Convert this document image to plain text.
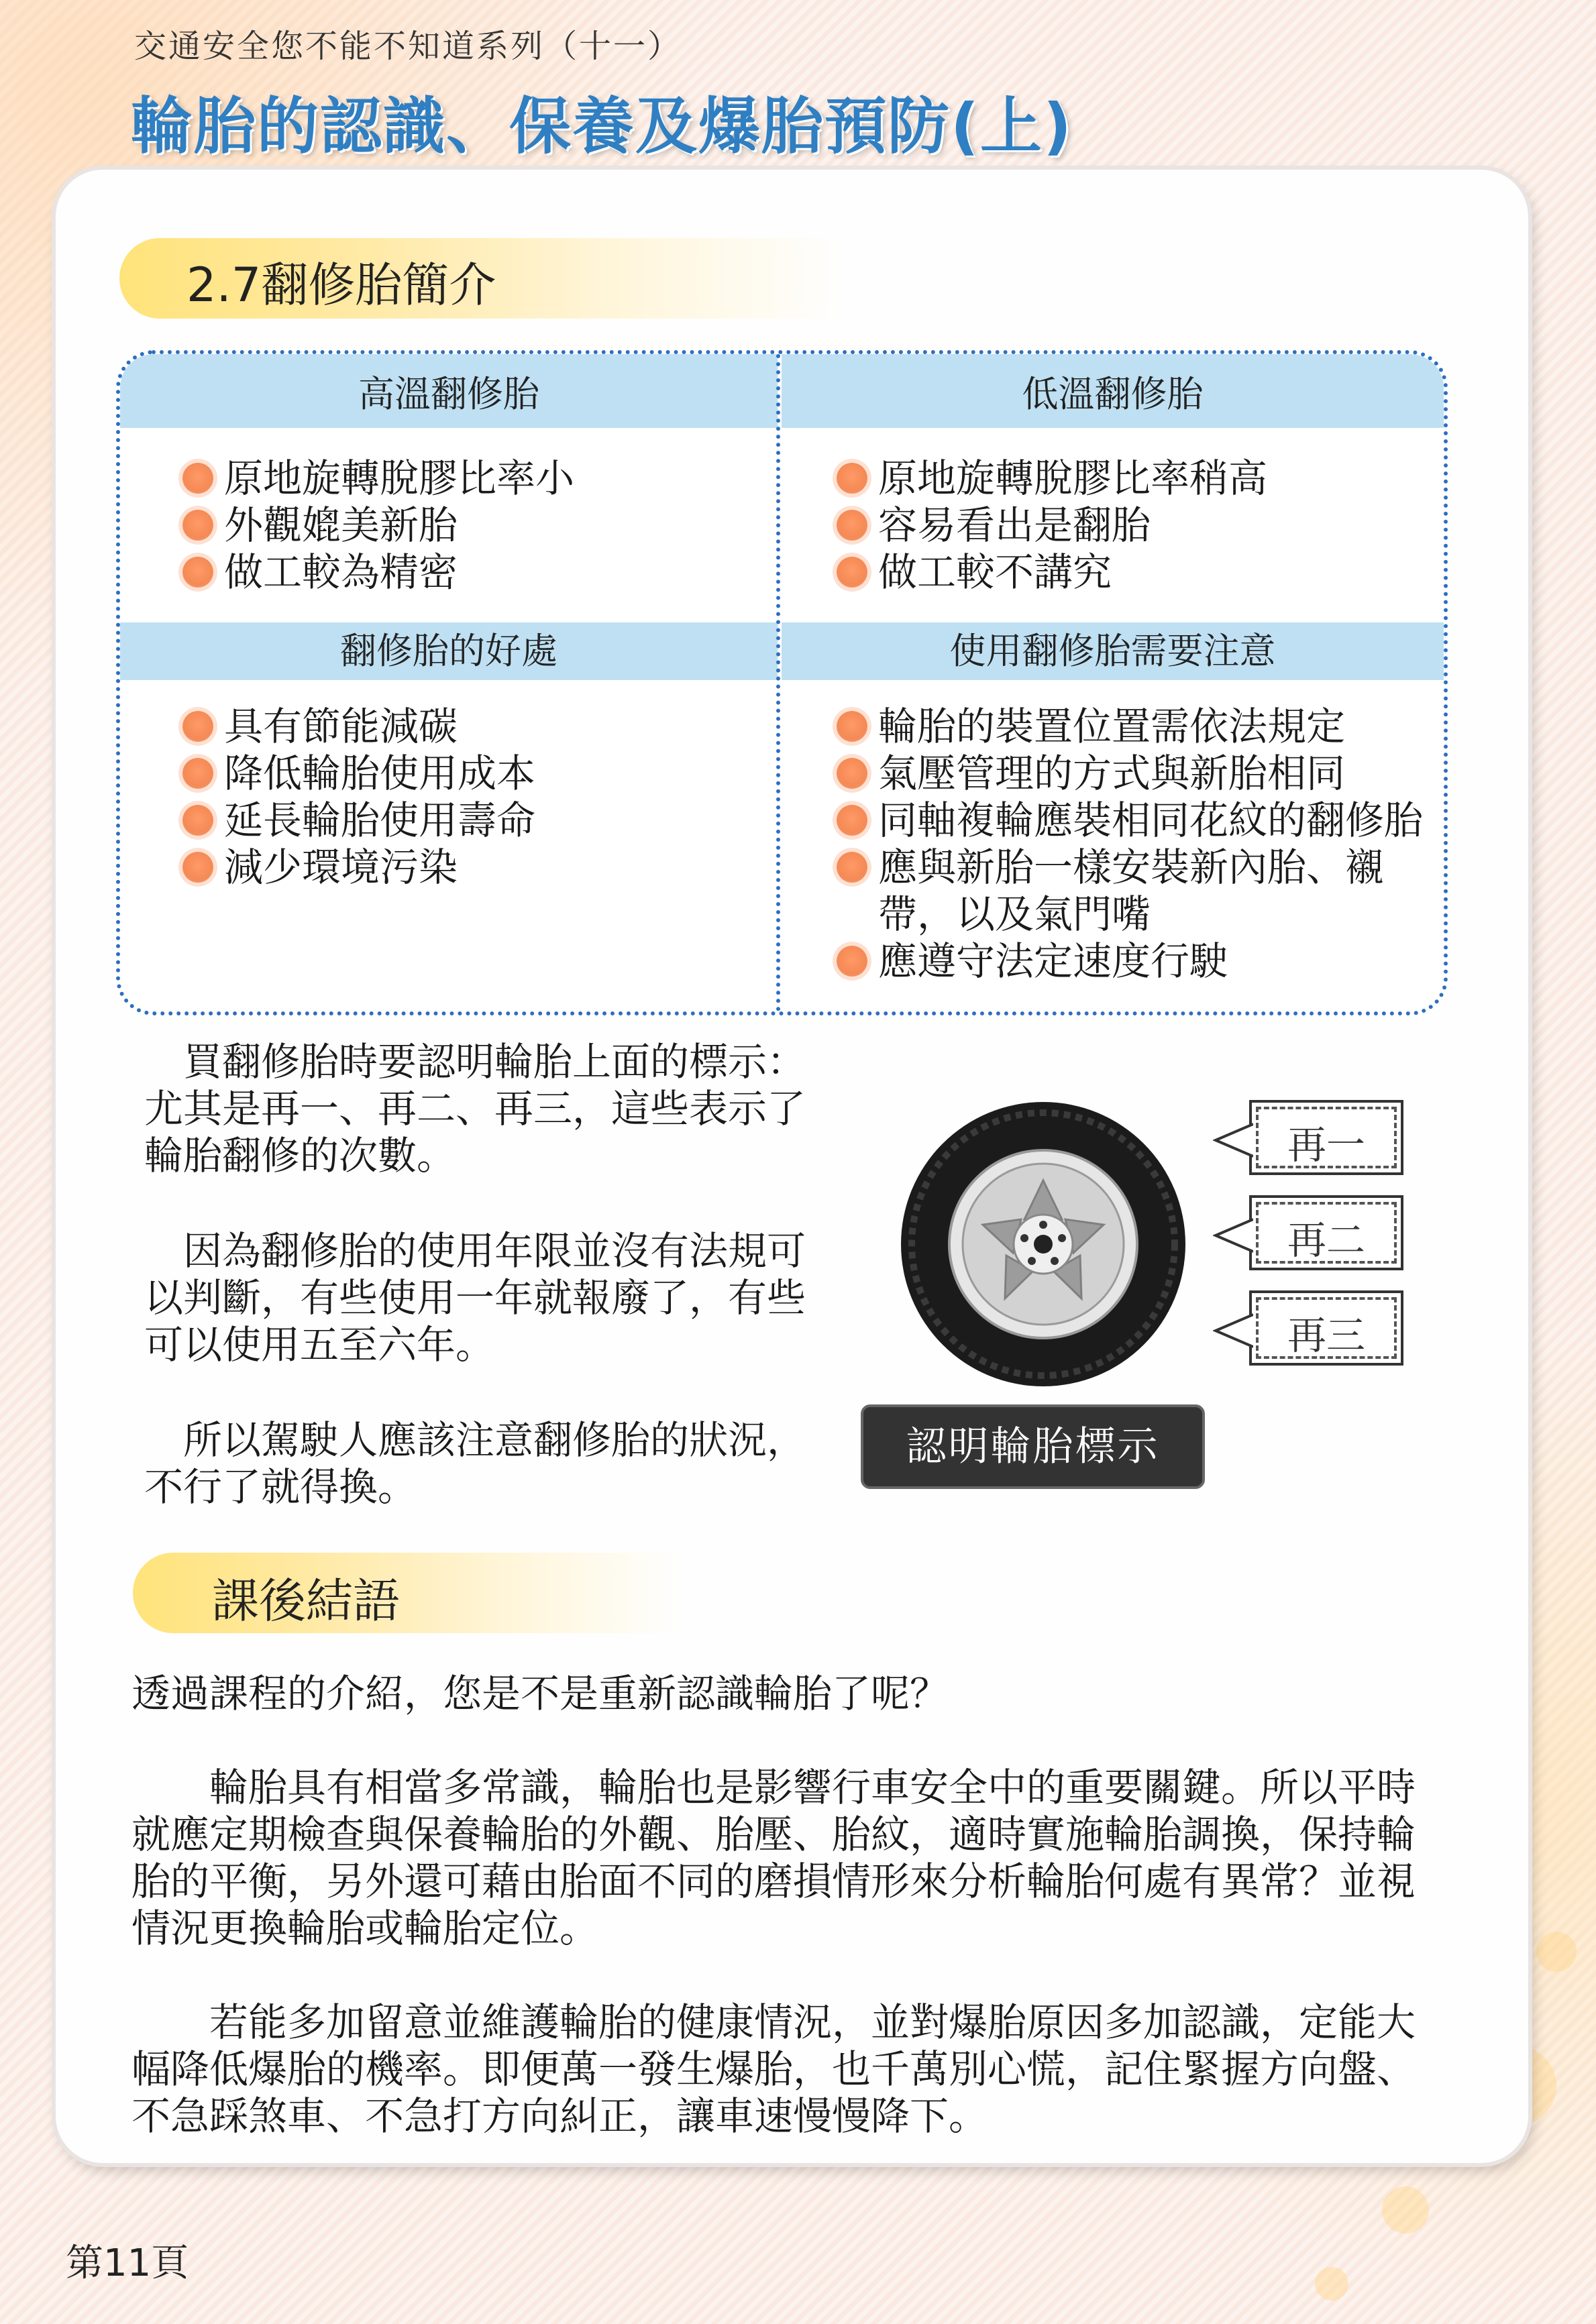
交通安全您不能不知道系列（十一）
輪胎的認識、保養及爆胎預防(上)
2.7翻修胎簡介
高溫翻修胎	低溫翻修胎
翻修胎的好處	使用翻修胎需要注意
原地旋轉脫膠比率小
外觀媲美新胎
做工較為精密
原地旋轉脫膠比率稍高
容易看出是翻胎
做工較不講究
具有節能減碳
降低輪胎使用成本
延長輪胎使用壽命
減少環境污染
輪胎的裝置位置需依法規定
氣壓管理的方式與新胎相同
同軸複輪應裝相同花紋的翻修胎
應與新胎一樣安裝新內胎、襯帶，以及氣門嘴
應遵守法定速度行駛
買翻修胎時要認明輪胎上面的標示：尤其是再一、再二、再三，這些表示了輪胎翻修的次數。
因為翻修胎的使用年限並沒有法規可以判斷，有些使用一年就報廢了，有些可以使用五至六年。
所以駕駛人應該注意翻修胎的狀況，不行了就得換。
再一
再二
再三
認明輪胎標示
課後結語

透過課程的介紹，您是不是重新認識輪胎了呢？

輪胎具有相當多常識，輪胎也是影響行車安全中的重要關鍵。所以平時就應定期檢查與保養輪胎的外觀、胎壓、胎紋，適時實施輪胎調換，保持輪胎的平衡，另外還可藉由胎面不同的磨損情形來分析輪胎何處有異常？並視情況更換輪胎或輪胎定位。

若能多加留意並維護輪胎的健康情況，並對爆胎原因多加認識，定能大幅降低爆胎的機率。即便萬一發生爆胎，也千萬別心慌，記住緊握方向盤、不急踩煞車、不急打方向糾正，讓車速慢慢降下。

第11頁
